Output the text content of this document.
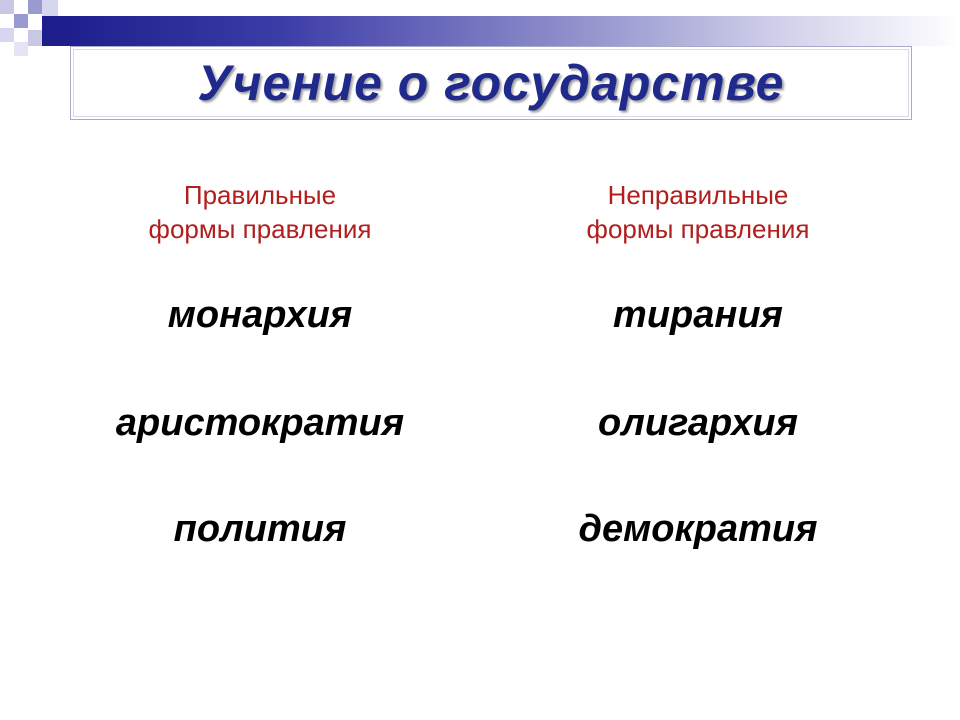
Учение о государстве

Правильные
формы правления

монархия

аристократия

полития

Неправильные
формы правления

тирания

олигархия

демократия
